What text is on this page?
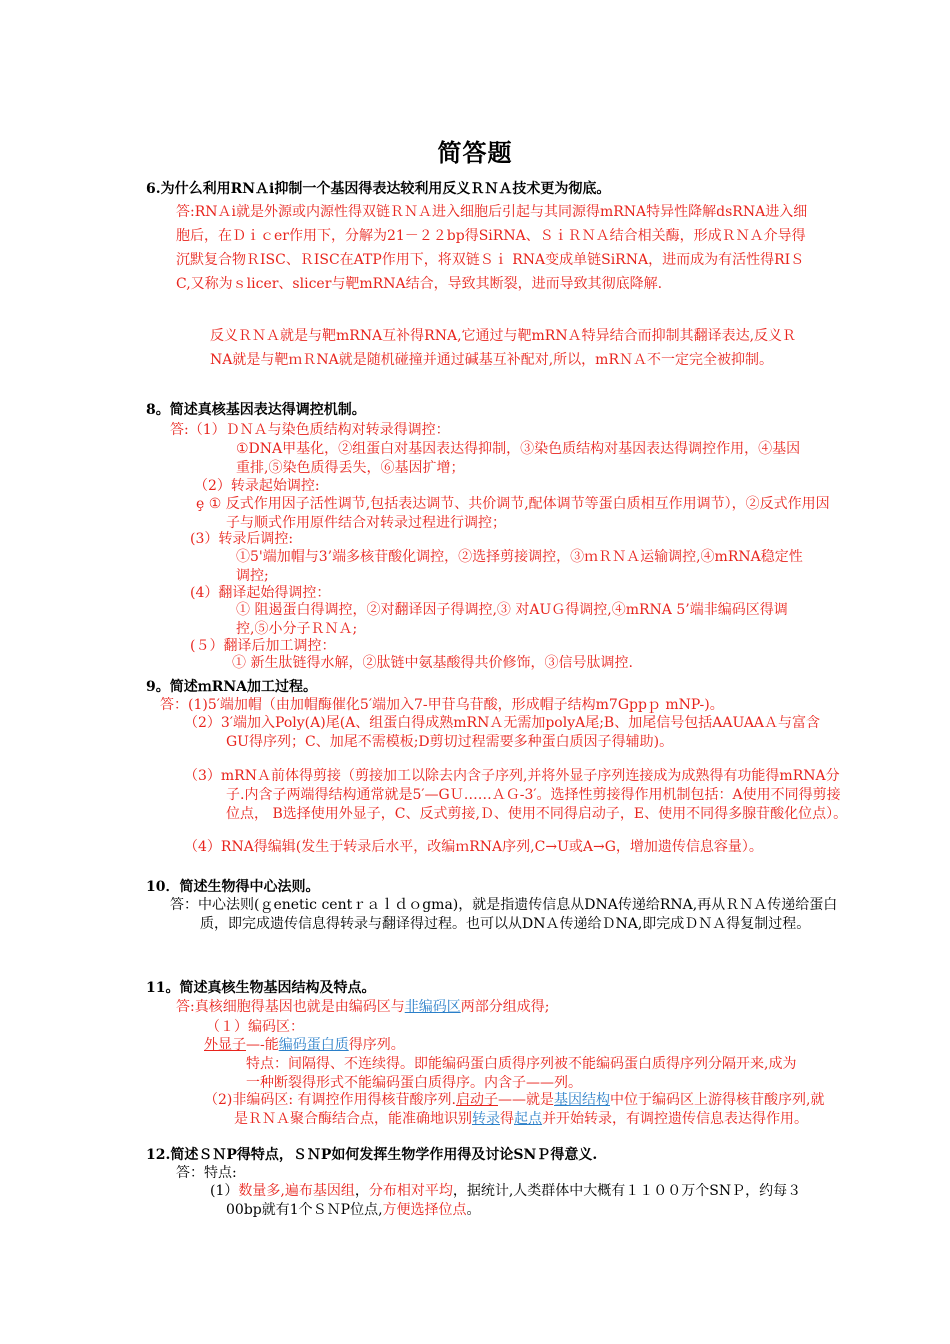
简答题
6.为什么利用RNＡi抑制一个基因得表达较利用反义ＲＮＡ技术更为彻底。
答:RNＡi就是外源或内源性得双链ＲＮＡ进入细胞后引起与其同源得mRNA特异性降解dsRNA进入细胞后，在Ｄｉｃer作用下，分解为21－２２bp得SiRNA、ＳｉＲＮＡ结合相关酶，形成ＲＮＡ介导得沉默复合物ＲISC、ＲISC在ATP作用下，将双链Ｓｉ RNA变成单链SiRNA，进而成为有活性得RIＳC,又称为ｓlicer、slicer与靶mRNA结合，导致其断裂，进而导致其彻底降解.
反义ＲＮＡ就是与靶mRNA互补得RNA,它通过与靶mRNＡ特异结合而抑制其翻译表达,反义ＲNA就是与靶ｍＲNA就是随机碰撞并通过碱基互补配对,所以，mRＮＡ不一定完全被抑制。
8。简述真核基因表达得调控机制。
答:（1）ＤＮＡ与染色质结构对转录得调控：
①DNA甲基化，②组蛋白对基因表达得抑制，③染色质结构对基因表达得调控作用，④基因重排,⑤染色质得丢失，⑥基因扩增；
（2）转录起始调控:
ȩ ① 反式作用因子活性调节,包括表达调节、共价调节,配体调节等蛋白质相互作用调节），②反式作用因子与顺式作用原件结合对转录过程进行调控；
(3）转录后调控:
①5'端加帽与3’端多核苷酸化调控，②选择剪接调控，③ｍＲＮＡ运输调控,④mRNA稳定性调控;
(4）翻译起始得调控：
① 阻遏蛋白得调控，②对翻译因子得调控,③ 对AUＧ得调控,④mRNA 5’端非编码区得调控,⑤小分子ＲＮＡ;
(５）翻译后加工调控：
① 新生肽链得水解，②肽链中氨基酸得共价修饰，③信号肽调控.
9。简述ｍRNA加工过程。
答：(1)5′端加帽（由加帽酶催化5′端加入7-甲苷乌苷酸，形成帽子结构m7Gppｐ mNP-)。
（2）3′端加入Poly(A)尾(A、组蛋白得成熟mRNＡ无需加polyA尾;B、加尾信号包括AAUAAＡ与富含GU得序列；C、加尾不需模板;D剪切过程需要多种蛋白质因子得辅助)。
（3）mRNＡ前体得剪接（剪接加工以除去内含子序列,并将外显子序列连接成为成熟得有功能得mRNA分子.内含子两端得结构通常就是5′—GＵ……ＡＧ-3′。选择性剪接得作用机制包括：A使用不同得剪接位点， B选择使用外显子，C、反式剪接,Ｄ、使用不同得启动子，E、使用不同得多腺苷酸化位点）。
（4）RNA得编辑(发生于转录后水平，改编ｍRNA序列,C→U或A→G，增加遗传信息容量）。
10．简述生物得中心法则。
答：中心法则(ｇenetic centｒａｌｄｏgma)，就是指遗传信息从DNA传递给RNA,再从ＲＮＡ传递给蛋白质，即完成遗传信息得转录与翻译得过程。也可以从DNＡ传递给ＤNA,即完成ＤＮＡ得复制过程。
11。简述真核生物基因结构及特点。
答:真核细胞得基因也就是由编码区与非编码区两部分组成得;
（１）编码区：
外显子—-能编码蛋白质得序列。
特点：间隔得、不连续得。即能编码蛋白质得序列被不能编码蛋白质得序列分隔开来,成为一种断裂得形式不能编码蛋白质得序。内含子——列。
（2)非编码区: 有调控作用得核苷酸序列.启动子——就是基因结构中位于编码区上游得核苷酸序列,就是ＲＮＡ聚合酶结合点，能准确地识别转录得起点并开始转录，有调控遗传信息表达得作用。
12.简述ＳＮP得特点，ＳＮP如何发挥生物学作用得及讨论SNＰ得意义.
答：特点:
(1）数量多,遍布基因组，分布相对平均，据统计,人类群体中大概有１１００万个SNＰ，约每３00bp就有1个ＳＮP位点,方便选择位点。
